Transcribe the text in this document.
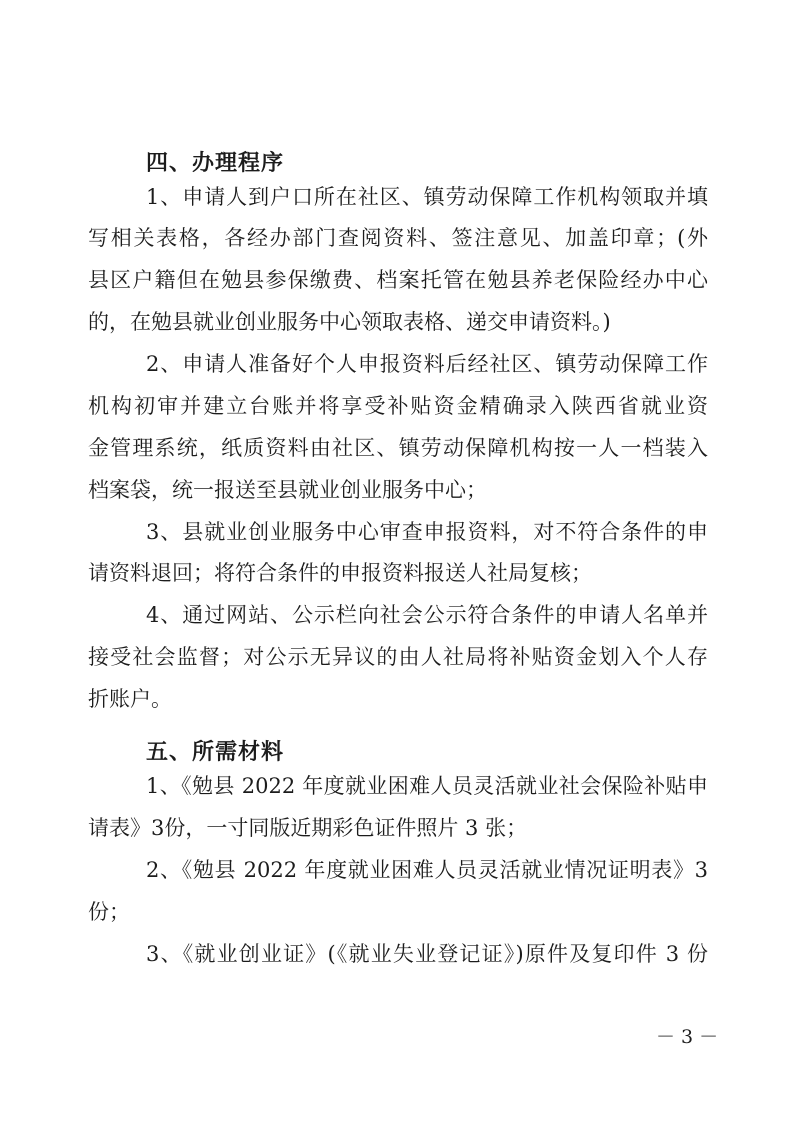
四、办理程序
1、申请人到户口所在社区、镇劳动保障工作机构领取并填
写相关表格，各经办部门查阅资料、签注意见、加盖印章；(外
县区户籍但在勉县参保缴费、档案托管在勉县养老保险经办中心
的，在勉县就业创业服务中心领取表格、递交申请资料。)
2、申请人准备好个人申报资料后经社区、镇劳动保障工作
机构初审并建立台账并将享受补贴资金精确录入陕西省就业资
金管理系统，纸质资料由社区、镇劳动保障机构按一人一档装入
档案袋，统一报送至县就业创业服务中心；
3、县就业创业服务中心审查申报资料，对不符合条件的申
请资料退回；将符合条件的申报资料报送人社局复核；
4、通过网站、公示栏向社会公示符合条件的申请人名单并
接受社会监督；对公示无异议的由人社局将补贴资金划入个人存
折账户。
五、所需材料
1、《勉县 2022 年度就业困难人员灵活就业社会保险补贴申
请表》3份，一寸同版近期彩色证件照片 3 张；
2、《勉县 2022 年度就业困难人员灵活就业情况证明表》3
份；
3、《就业创业证》(《就业失业登记证》)原件及复印件 3 份
－ 3 －
